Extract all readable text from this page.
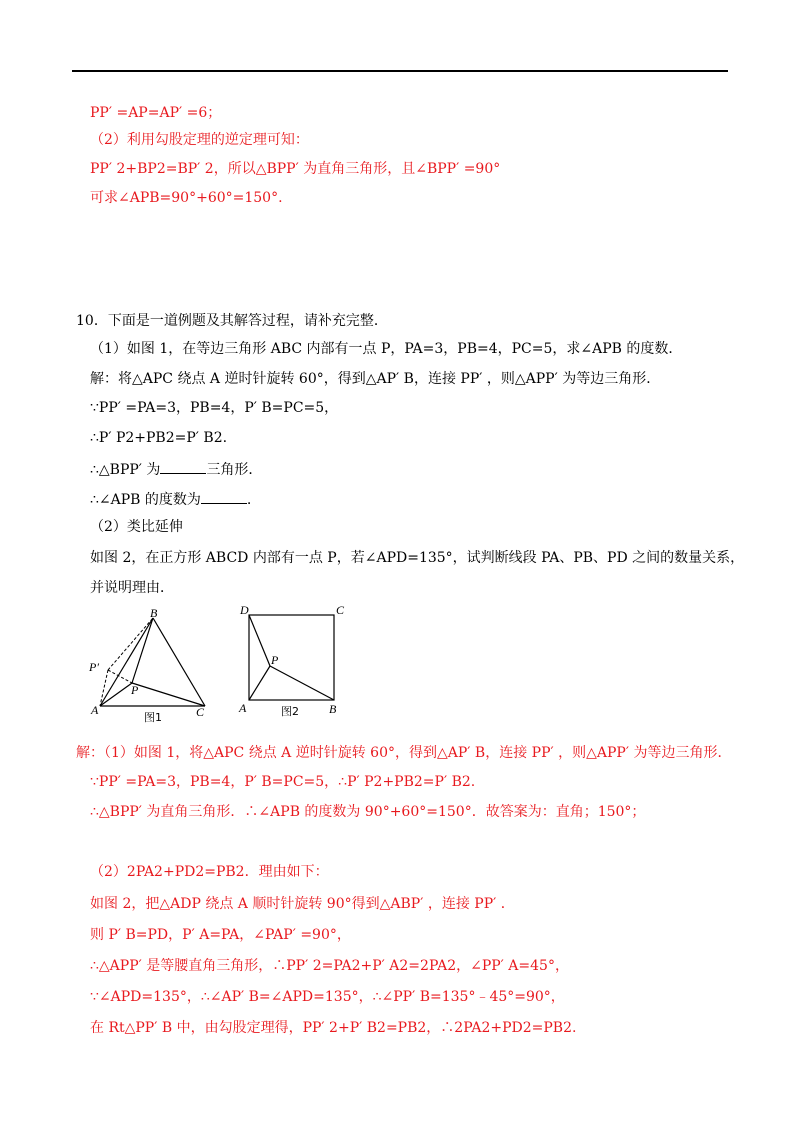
PP′ =AP=AP′ =6；
（2）利用勾股定理的逆定理可知：
PP′ 2+BP2=BP′ 2，所以△BPP′ 为直角三角形，且∠BPP′ =90°
可求∠APB=90°+60°=150°.
10．下面是一道例题及其解答过程，请补充完整．
（1）如图 1，在等边三角形 ABC 内部有一点 P，PA=3，PB=4，PC=5，求∠APB 的度数．
解：将△APC 绕点 A 逆时针旋转 60°，得到△AP′ B，连接 PP′ ，则△APP′ 为等边三角形．
∵PP′ =PA=3，PB=4，P′ B=PC=5，
∴P′ P2+PB2=P′ B2.
∴△BPP′ 为	三角形．
∴∠APB 的度数为	.
（2）类比延伸
如图 2，在正方形 ABCD 内部有一点 P，若∠APD=135°，试判断线段 PA、PB、PD 之间的数量关系，
并说明理由．
B
P′
P
A	C
图1
D	C
P
A	B
图2
解：（1）如图 1，将△APC 绕点 A 逆时针旋转 60°，得到△AP′ B，连接 PP′ ，则△APP′ 为等边三角形．
∵PP′ =PA=3，PB=4，P′ B=PC=5，∴P′ P2+PB2=P′ B2.
∴△BPP′ 为直角三角形．∴∠APB 的度数为 90°+60°=150°．故答案为：直角；150°；
（2）2PA2+PD2=PB2．理由如下：
如图 2，把△ADP 绕点 A 顺时针旋转 90°得到△ABP′ ，连接 PP′ ．
则 P′ B=PD，P′ A=PA，∠PAP′ =90°，
∴△APP′ 是等腰直角三角形，∴PP′ 2=PA2+P′ A2=2PA2，∠PP′ A=45°，
∵∠APD=135°，∴∠AP′ B=∠APD=135°，∴∠PP′ B=135°﹣45°=90°，
在 Rt△PP′ B 中，由勾股定理得，PP′ 2+P′ B2=PB2，∴2PA2+PD2=PB2.
